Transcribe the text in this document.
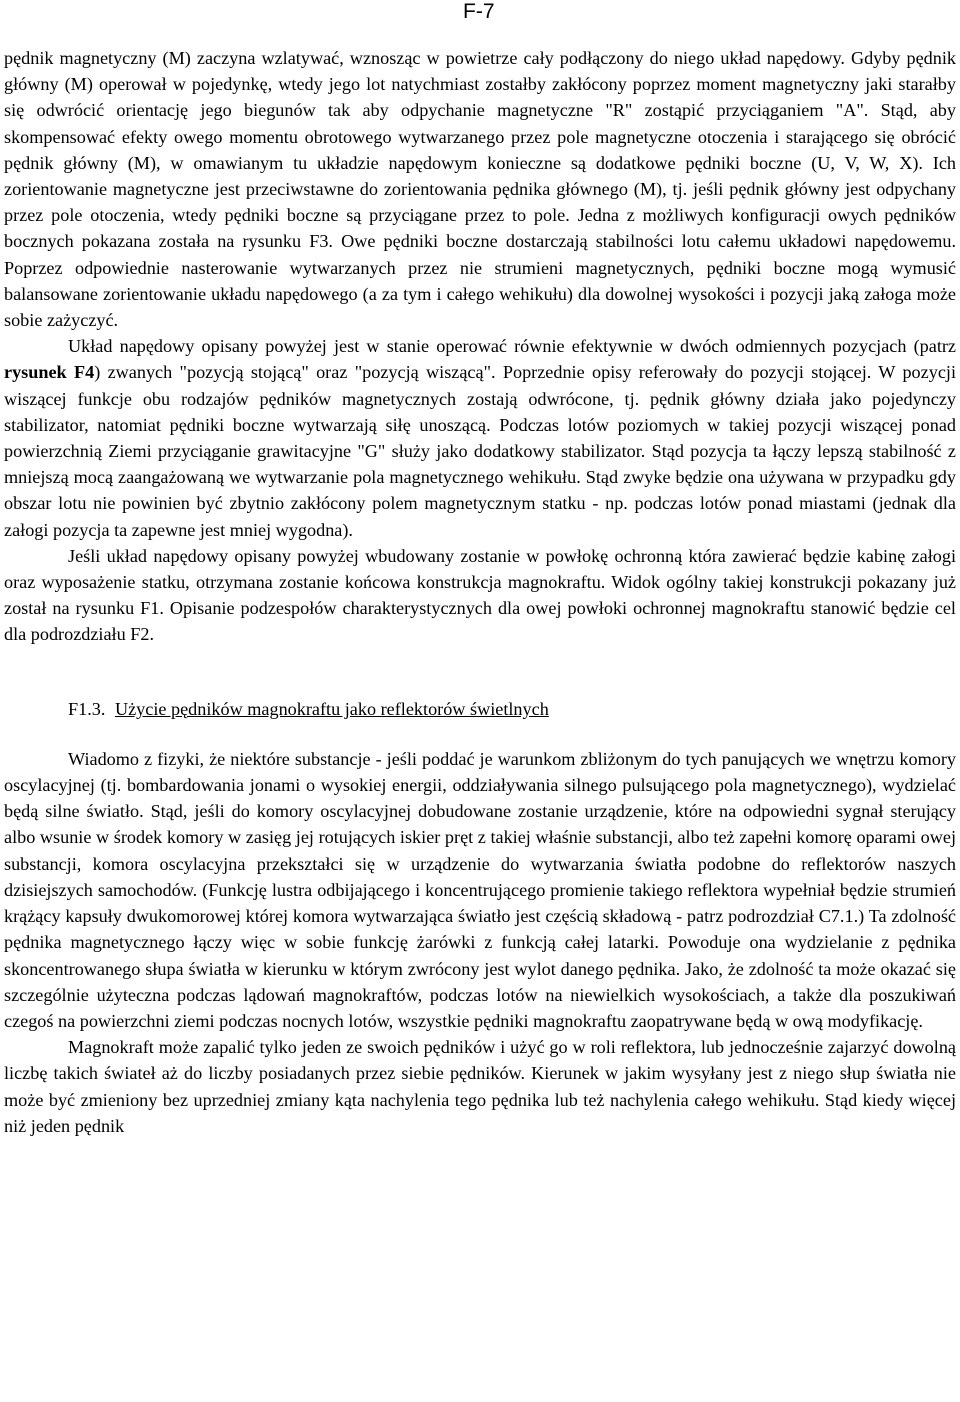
F-7

pędnik magnetyczny (M) zaczyna wzlatywać, wznosząc w powietrze cały podłączony do niego układ napędowy. Gdyby pędnik główny (M) operował w pojedynkę, wtedy jego lot natychmiast zostałby zakłócony poprzez moment magnetyczny jaki starałby się odwrócić orientację jego biegunów tak aby odpychanie magnetyczne "R" zostąpić przyciąganiem "A". Stąd, aby skompensować efekty owego momentu obrotowego wytwarzanego przez pole magnetyczne otoczenia i starającego się obrócić pędnik główny (M), w omawianym tu układzie napędowym konieczne są dodatkowe pędniki boczne (U, V, W, X). Ich zorientowanie magnetyczne jest przeciwstawne do zorientowania pędnika głównego (M), tj. jeśli pędnik główny jest odpychany przez pole otoczenia, wtedy pędniki boczne są przyciągane przez to pole. Jedna z możliwych konfiguracji owych pędników bocznych pokazana została na rysunku F3. Owe pędniki boczne dostarczają stabilności lotu całemu układowi napędowemu. Poprzez odpowiednie nasterowanie wytwarzanych przez nie strumieni magnetycznych, pędniki boczne mogą wymusić balansowane zorientowanie układu napędowego (a za tym i całego wehikułu) dla dowolnej wysokości i pozycji jaką załoga może sobie zażyczyć.

Układ napędowy opisany powyżej jest w stanie operować równie efektywnie w dwóch odmiennych pozycjach (patrz rysunek F4) zwanych "pozycją stojącą" oraz "pozycją wiszącą". Poprzednie opisy referowały do pozycji stojącej. W pozycji wiszącej funkcje obu rodzajów pędników magnetycznych zostają odwrócone, tj. pędnik główny działa jako pojedynczy stabilizator, natomiat pędniki boczne wytwarzają siłę unoszącą. Podczas lotów poziomych w takiej pozycji wiszącej ponad powierzchnią Ziemi przyciąganie grawitacyjne "G" służy jako dodatkowy stabilizator. Stąd pozycja ta łączy lepszą stabilność z mniejszą mocą zaangażowaną we wytwarzanie pola magnetycznego wehikułu. Stąd zwyke będzie ona używana w przypadku gdy obszar lotu nie powinien być zbytnio zakłócony polem magnetycznym statku - np. podczas lotów ponad miastami (jednak dla załogi pozycja ta zapewne jest mniej wygodna).

Jeśli układ napędowy opisany powyżej wbudowany zostanie w powłokę ochronną która zawierać będzie kabinę załogi oraz wyposażenie statku, otrzymana zostanie końcowa konstrukcja magnokraftu. Widok ogólny takiej konstrukcji pokazany już został na rysunku F1. Opisanie podzespołów charakterystycznych dla owej powłoki ochronnej magnokraftu stanowić będzie cel dla podrozdziału F2.

F1.3. Użycie pędników magnokraftu jako reflektorów świetlnych

Wiadomo z fizyki, że niektóre substancje - jeśli poddać je warunkom zbliżonym do tych panujących we wnętrzu komory oscylacyjnej (tj. bombardowania jonami o wysokiej energii, oddziaływania silnego pulsującego pola magnetycznego), wydzielać będą silne światło. Stąd, jeśli do komory oscylacyjnej dobudowane zostanie urządzenie, które na odpowiedni sygnał sterujący albo wsunie w środek komory w zasięg jej rotujących iskier pręt z takiej właśnie substancji, albo też zapełni komorę oparami owej substancji, komora oscylacyjna przekształci się w urządzenie do wytwarzania światła podobne do reflektorów naszych dzisiejszych samochodów. (Funkcję lustra odbijającego i koncentrującego promienie takiego reflektora wypełniał będzie strumień krążący kapsuły dwukomorowej której komora wytwarzająca światło jest częścią składową - patrz podrozdział C7.1.) Ta zdolność pędnika magnetycznego łączy więc w sobie funkcję żarówki z funkcją całej latarki. Powoduje ona wydzielanie z pędnika skoncentrowanego słupa światła w kierunku w którym zwrócony jest wylot danego pędnika. Jako, że zdolność ta może okazać się szczególnie użyteczna podczas lądowań magnokraftów, podczas lotów na niewielkich wysokościach, a także dla poszukiwań czegoś na powierzchni ziemi podczas nocnych lotów, wszystkie pędniki magnokraftu zaopatrywane będą w ową modyfikację.

Magnokraft może zapalić tylko jeden ze swoich pędników i użyć go w roli reflektora, lub jednocześnie zajarzyć dowolną liczbę takich świateł aż do liczby posiadanych przez siebie pędników. Kierunek w jakim wysyłany jest z niego słup światła nie może być zmieniony bez uprzedniej zmiany kąta nachylenia tego pędnika lub też nachylenia całego wehikułu. Stąd kiedy więcej niż jeden pędnik
